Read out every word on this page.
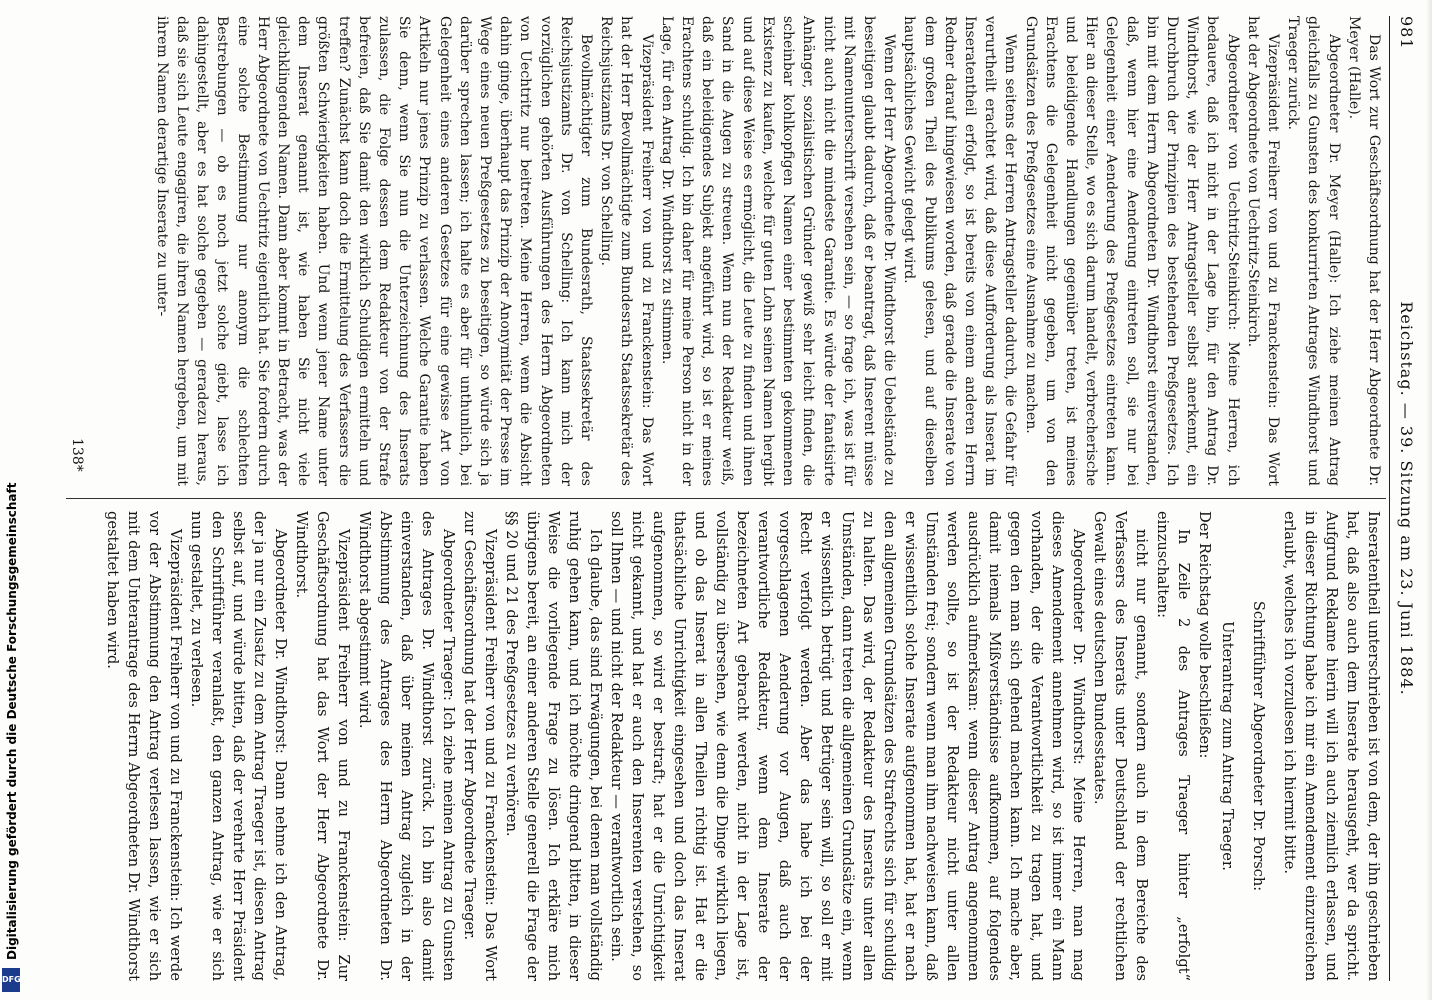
Digitalisierung gefördert durch die Deutsche Forschungsgemeinschaft
DFG
981
Reichstag. — 39. Sitzung am 23. Juni 1884.

Das Wort zur Geschäftsordnung hat der Herr Abgeordnete Dr. Meyer (Halle).

Abgeordneter Dr. Meyer (Halle): Ich ziehe meinen Antrag gleichfalls zu Gunsten des konkurrirten Antrages Windthorst und Traeger zurück.

Vizepräsident Freiherr von und zu Franckenstein: Das Wort hat der Abgeordnete von Uechtritz-Steinkirch.

Abgeordneter von Uechtritz-Steinkirch: Meine Herren, ich bedauere, daß ich nicht in der Lage bin, für den Antrag Dr. Windthorst, wie der Herr Antragsteller selbst anerkennt, ein Durchbruch der Prinzipien des bestehenden Preßgesetzes. Ich bin mit dem Herrn Abgeordneten Dr. Windthorst einverstanden, daß, wenn hier eine Aenderung eintreten soll, sie nur bei Gelegenheit einer Aenderung des Preßgesetzes eintreten kann. Hier an dieser Stelle, wo es sich darum handelt, verbrecherische und beleidigende Handlungen gegenüber treten, ist meines Erachtens die Gelegenheit nicht gegeben, um von den Grundsätzen des Preßgesetzes eine Ausnahme zu machen.

Wenn seitens der Herren Antragsteller dadurch, die Gefahr für verurtheilt erachtet wird, daß diese Aufforderung als Inserat im Inseratentheil erfolgt, so ist bereits von einem anderen Herrn Redner darauf hingewiesen worden, daß gerade die Inserate von dem großen Theil des Publikums gelesen, und auf dieselben hauptsächliches Gewicht gelegt wird.

Wenn der Herr Abgeordnete Dr. Windthorst die Uebelstände zu beseitigen glaubt dadurch, daß er beantragt, daß Inserent müsse mit Namenunterschrift versehen sein, — so frage ich, was ist für nicht auch nicht die mindeste Garantie. Es würde der fanatisirte Anhänger, sozialistischen Gründer gewiß sehr leicht finden, die scheinbar kohlkopfigen Namen einer bestimmten gekommenen Existenz zu kaufen, welche für guten Lohn seinen Namen hergibt und auf diese Weise es ermöglicht, die Leute zu finden und ihnen Sand in die Augen zu streuen. Wenn nun der Redakteur weiß, daß ein beleidigendes Subjekt angeführt wird, so ist er meines Erachtens schuldig. Ich bin daher für meine Person nicht in der Lage, für den Antrag Dr. Windthorst zu stimmen.

Vizepräsident Freiherr von und zu Franckenstein: Das Wort hat der Herr Bevollmächtigte zum Bundesrath Staatssekretär des Reichsjustizamts Dr. von Schelling.

Bevollmächtigter zum Bundesrath, Staatssekretär des Reichsjustizamts Dr. von Schelling: Ich kann mich der vorzüglichen gehörten Ausführungen des Herrn Abgeordneten von Uechtritz nur beitreten. Meine Herren, wenn die Absicht dahin ginge, überhaupt das Prinzip der Anonymität der Presse im Wege eines neuen Preßgesetzes zu beseitigen, so würde sich ja darüber sprechen lassen; ich halte es aber für unthunlich, bei Gelegenheit eines anderen Gesetzes für eine gewisse Art von Artikeln nur jenes Prinzip zu verlassen. Welche Garantie haben Sie denn, wenn Sie nun die Unterzeichnung des Inserats zulassen, die Folge dessen dem Redakteur von der Strafe befreien, daß Sie damit den wirklich Schuldigen ermitteln und treffen? Zunächst kann doch die Ermittelung des Verfassers die größten Schwierigkeiten haben. Und wenn jener Name unter dem Inserat genannt ist, wie haben Sie nicht viele gleichklingenden Namen. Dann aber kommt in Betracht, was der Herr Abgeordnete von Uechtritz eigentlich hat. Sie fordern durch eine solche Bestimmung nur anonym die schlechten Bestrebungen — ob es noch jetzt solche giebt, lasse ich dahingestellt, aber es hat solche gegeben — geradezu heraus, daß sie sich Leute engagiren, die ihren Namen hergeben, um mit ihrem Namen derartige Inserate zu unter-

Inseratentheil unterschrieben ist von dem, der ihn geschrieben hat, daß also auch dem Inserate herausgeht, wer da spricht. Aufgrund Reklame hierin will ich auch ziemlich erlassen, und in dieser Richtung habe ich mir ein Amendement einzureichen erlaubt, welches ich vorzulesen ich hiermit bitte.

Schriftführer Abgeordneter Dr. Porsch:

Unterantrag zum Antrag Traeger.

Der Reichstag wolle beschließen:

In Zeile 2 des Antrages Traeger hinter „erfolgt“ einzuschalten:

nicht nur genannt, sondern auch in dem Bereiche des Verfassers des Inserats unter Deutschland der rechtlichen Gewalt eines deutschen Bundesstaates.

Abgeordneter Dr. Windthorst: Meine Herren, man mag dieses Amendement annehmen wird, so ist immer ein Mann vorhanden, der die Verantwortlichkeit zu tragen hat, und gegen den man sich gehend machen kann. Ich mache aber, damit niemals Mißverständnisse aufkommen, auf folgendes ausdrücklich aufmerksam: wenn dieser Antrag angenommen werden sollte, so ist der Redakteur nicht unter allen Umständen frei; sondern wenn man ihm nachweisen kann, daß er wissentlich solche Inserate aufgenommen hat, hat er nach den allgemeinen Grundsätzen des Strafrechts sich für schuldig zu halten. Das wird, der Redakteur des Inserats unter allen Umständen, dann treten die allgemeinen Grundsätze ein, wenn er wissentlich betrügt und Betrüger sein will, so soll er mit Recht verfolgt werden. Aber das habe ich bei der vorgeschlagenen Aenderung vor Augen, daß auch der verantwortliche Redakteur, wenn dem Inserate der bezeichneten Art gebracht werden, nicht in der Lage ist, vollständig zu übersehen, wie denn die Dinge wirklich liegen, und ob das Inserat in allen Theilen richtig ist. Hat er die thatsächliche Unrichtigkeit eingesehen und doch das Inserat aufgenommen, so wird er bestraft; hat er die Unrichtigkeit nicht gekannt, und hat er auch den Inserenten verstehen, so soll Ihnen — und nicht der Redakteur — verantwortlich sein.

Ich glaube, das sind Erwägungen, bei denen man vollständig ruhig gehen kann, und ich möchte dringend bitten, in dieser Weise die vorliegende Frage zu lösen. Ich erkläre mich übrigens bereit, an einer anderen Stelle generell die Frage der §§ 20 und 21 des Preßgesetzes zu verhören.

Vizepräsident Freiherr von und zu Franckenstein: Das Wort zur Geschäftsordnung hat der Herr Abgeordnete Traeger.

Abgeordneter Traeger: Ich ziehe meinen Antrag zu Gunsten des Antrages Dr. Windthorst zurück. Ich bin also damit einverstanden, daß über meinen Antrag zugleich in der Abstimmung des Antrages des Herrn Abgeordneten Dr. Windthorst abgestimmt wird.

Vizepräsident Freiherr von und zu Franckenstein: Zur Geschäftsordnung hat das Wort der Herr Abgeordnete Dr. Windthorst.

Abgeordneter Dr. Windthorst: Dann nehme ich den Antrag, der ja nur ein Zusatz zu dem Antrag Traeger ist, diesen Antrag selbst auf, und würde bitten, daß der verehrte Herr Präsident den Schriftführer veranlaßt, den ganzen Antrag, wie er sich nun gestaltet, zu verlesen.

Vizepräsident Freiherr von und zu Franckenstein: Ich werde vor der Abstimmung den Antrag verlesen lassen, wie er sich mit dem Unterantrage des Herrn Abgeordneten Dr. Windthorst gestaltet haben wird.

138*
